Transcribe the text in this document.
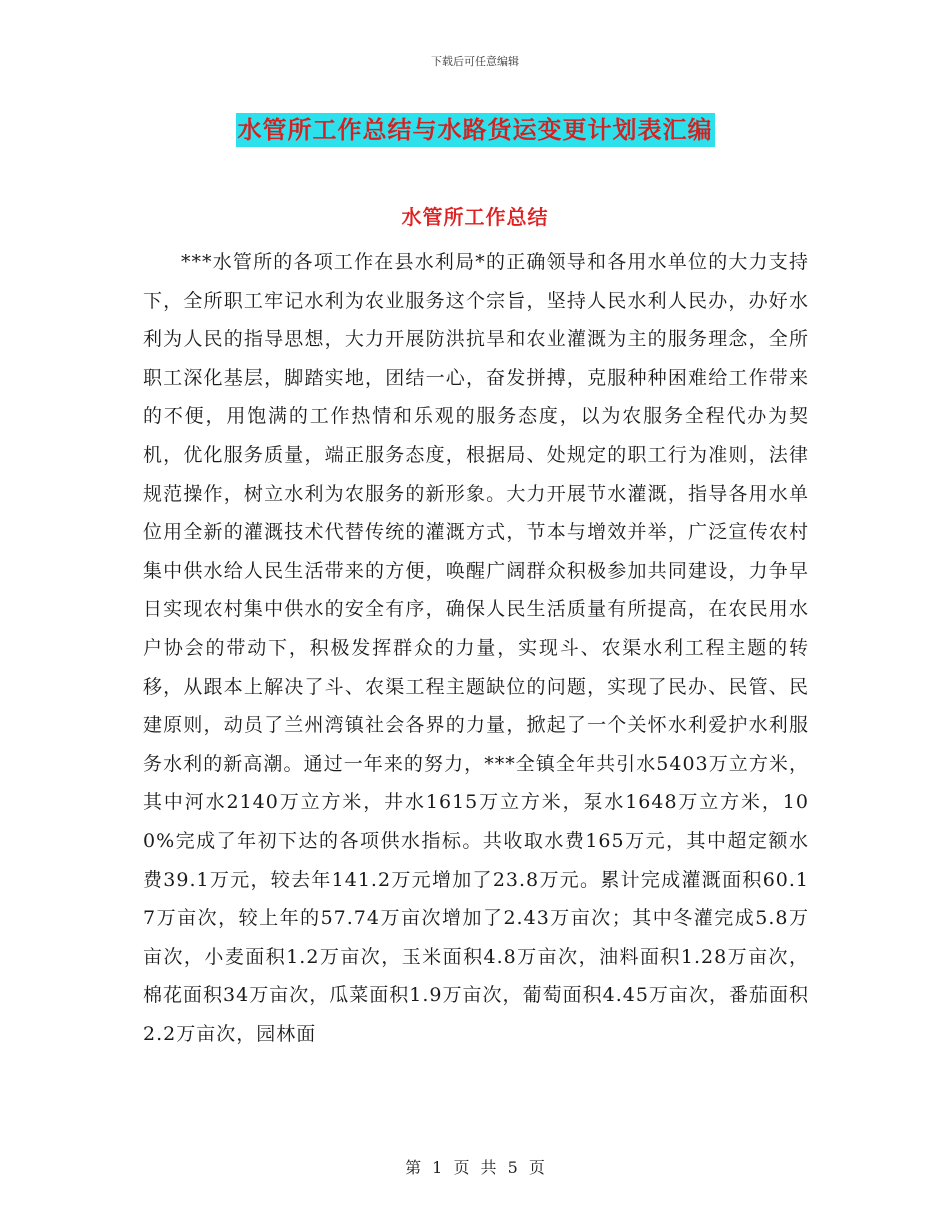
下载后可任意编辑
水管所工作总结与水路货运变更计划表汇编
水管所工作总结

***水管所的各项工作在县水利局*的正确领导和各用水单位的大力支持下，全所职工牢记水利为农业服务这个宗旨，坚持人民水利人民办，办好水利为人民的指导思想，大力开展防洪抗旱和农业灌溉为主的服务理念，全所职工深化基层，脚踏实地，团结一心，奋发拼搏，克服种种困难给工作带来的不便，用饱满的工作热情和乐观的服务态度，以为农服务全程代办为契机，优化服务质量，端正服务态度，根据局、处规定的职工行为准则，法律规范操作，树立水利为农服务的新形象。大力开展节水灌溉，指导各用水单位用全新的灌溉技术代替传统的灌溉方式，节本与增效并举，广泛宣传农村集中供水给人民生活带来的方便，唤醒广阔群众积极参加共同建设，力争早日实现农村集中供水的安全有序，确保人民生活质量有所提高，在农民用水户协会的带动下，积极发挥群众的力量，实现斗、农渠水利工程主题的转移，从跟本上解决了斗、农渠工程主题缺位的问题，实现了民办、民管、民建原则，动员了兰州湾镇社会各界的力量，掀起了一个关怀水利爱护水利服务水利的新高潮。通过一年来的努力，***全镇全年共引水5403万立方米，其中河水2140万立方米，井水1615万立方米，泵水1648万立方米，100%完成了年初下达的各项供水指标。共收取水费165万元，其中超定额水费39.1万元，较去年141.2万元增加了23.8万元。累计完成灌溉面积60.17万亩次，较上年的57.74万亩次增加了2.43万亩次；其中冬灌完成5.8万亩次，小麦面积1.2万亩次，玉米面积4.8万亩次，油料面积1.28万亩次，棉花面积34万亩次，瓜菜面积1.9万亩次，葡萄面积4.45万亩次，番茄面积2.2万亩次，园林面

第 1 页 共 5 页
